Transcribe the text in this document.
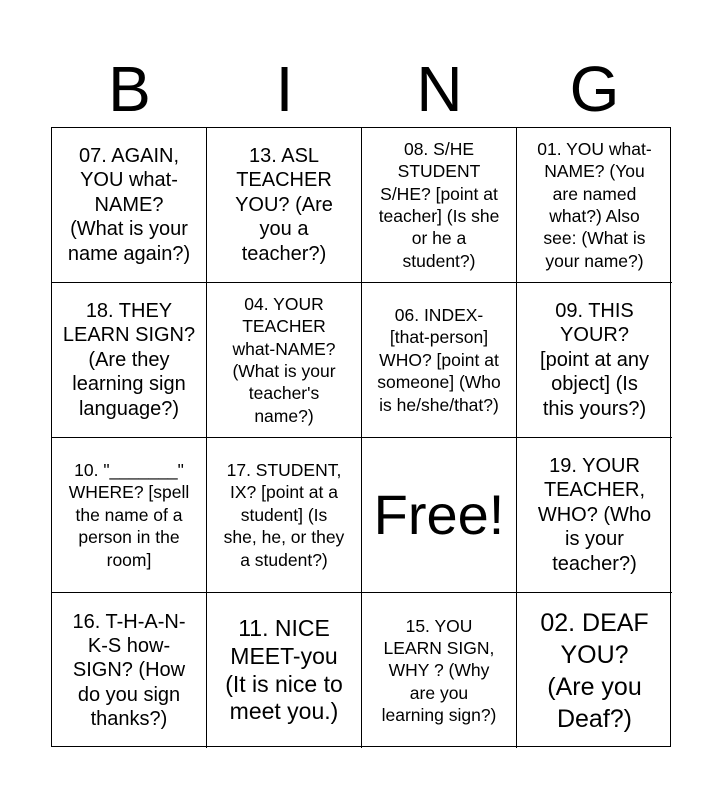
B	I	N	G
07. AGAIN,
YOU what-
NAME?
(What is your
name again?)
13. ASL
TEACHER
YOU? (Are
you a
teacher?)
08. S/HE
STUDENT
S/HE? [point at
teacher] (Is she
or he a
student?)
01. YOU what-
NAME? (You
are named
what?) Also
see: (What is
your name?)
18. THEY
LEARN SIGN?
(Are they
learning sign
language?)
04. YOUR
TEACHER
what-NAME?
(What is your
teacher's
name?)
06. INDEX-
[that-person]
WHO? [point at
someone] (Who
is he/she/that?)
09. THIS
YOUR?
[point at any
object] (Is
this yours?)
10. "_______"
WHERE? [spell
the name of a
person in the
room]
17. STUDENT,
IX? [point at a
student] (Is
she, he, or they
a student?)
Free!
19. YOUR
TEACHER,
WHO? (Who
is your
teacher?)
16. T-H-A-N-
K-S how-
SIGN? (How
do you sign
thanks?)
11. NICE
MEET-you
(It is nice to
meet you.)
15. YOU
LEARN SIGN,
WHY ? (Why
are you
learning sign?)
02. DEAF
YOU?
(Are you
Deaf?)
